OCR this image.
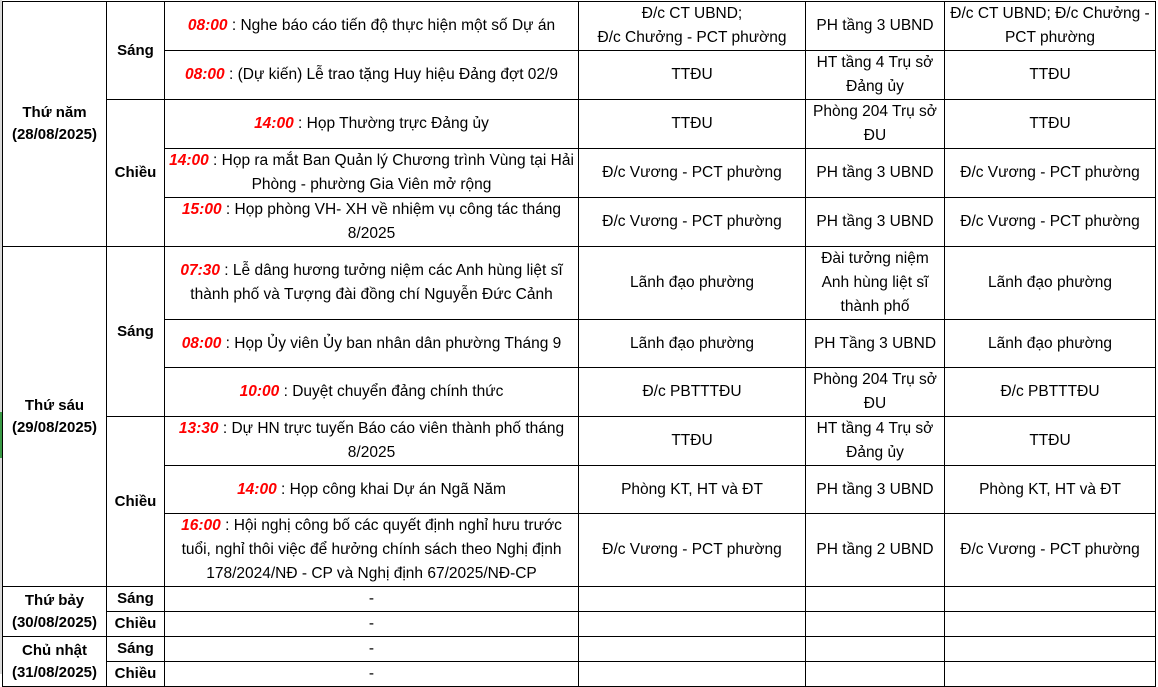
Thứ năm
(28/08/2025)	Sáng	08:00 : Nghe báo cáo tiến độ thực hiện một số Dự án	Đ/c CT UBND;
Đ/c Chưởng - PCT phường	PH tầng 3 UBND	Đ/c CT UBND; Đ/c Chưởng - PCT phường
		08:00 : (Dự kiến) Lễ trao tặng Huy hiệu Đảng đợt 02/9	TTĐU	HT tầng 4 Trụ sở Đảng ủy	TTĐU
	Chiều	14:00 : Họp Thường trực Đảng ủy	TTĐU	Phòng 204 Trụ sở ĐU	TTĐU
		14:00 : Họp ra mắt Ban Quản lý Chương trình Vùng tại Hải Phòng - phường Gia Viên mở rộng	Đ/c Vương - PCT phường	PH tầng 3 UBND	Đ/c Vương - PCT phường
		15:00 : Họp phòng VH- XH về nhiệm vụ công tác tháng 8/2025	Đ/c Vương - PCT phường	PH tầng 3 UBND	Đ/c Vương - PCT phường
Thứ sáu
(29/08/2025)	Sáng	07:30 : Lễ dâng hương tưởng niệm các Anh hùng liệt sĩ thành phố và Tượng đài đồng chí Nguyễn Đức Cảnh	Lãnh đạo phường	Đài tưởng niệm Anh hùng liệt sĩ thành phố	Lãnh đạo phường
		08:00 : Họp Ủy viên Ủy ban nhân dân phường Tháng 9	Lãnh đạo phường	PH Tầng 3 UBND	Lãnh đạo phường
		10:00 : Duyệt chuyển đảng chính thức	Đ/c PBTTTĐU	Phòng 204 Trụ sở ĐU	Đ/c PBTTTĐU
	Chiều	13:30 : Dự HN trực tuyến Báo cáo viên thành phố tháng 8/2025	TTĐU	HT tầng 4 Trụ sở Đảng ủy	TTĐU
		14:00 : Họp công khai Dự án Ngã Năm	Phòng KT, HT và ĐT	PH tầng 3 UBND	Phòng KT, HT và ĐT
		16:00 : Hội nghị công bố các quyết định nghỉ hưu trước tuổi, nghỉ thôi việc để hưởng chính sách theo Nghị định 178/2024/NĐ - CP và Nghị định 67/2025/NĐ-CP	Đ/c Vương - PCT phường	PH tầng 2 UBND	Đ/c Vương - PCT phường
Thứ bảy
(30/08/2025)	Sáng	-			
	Chiều	-			
Chủ nhật
(31/08/2025)	Sáng	-			
	Chiều	-			
